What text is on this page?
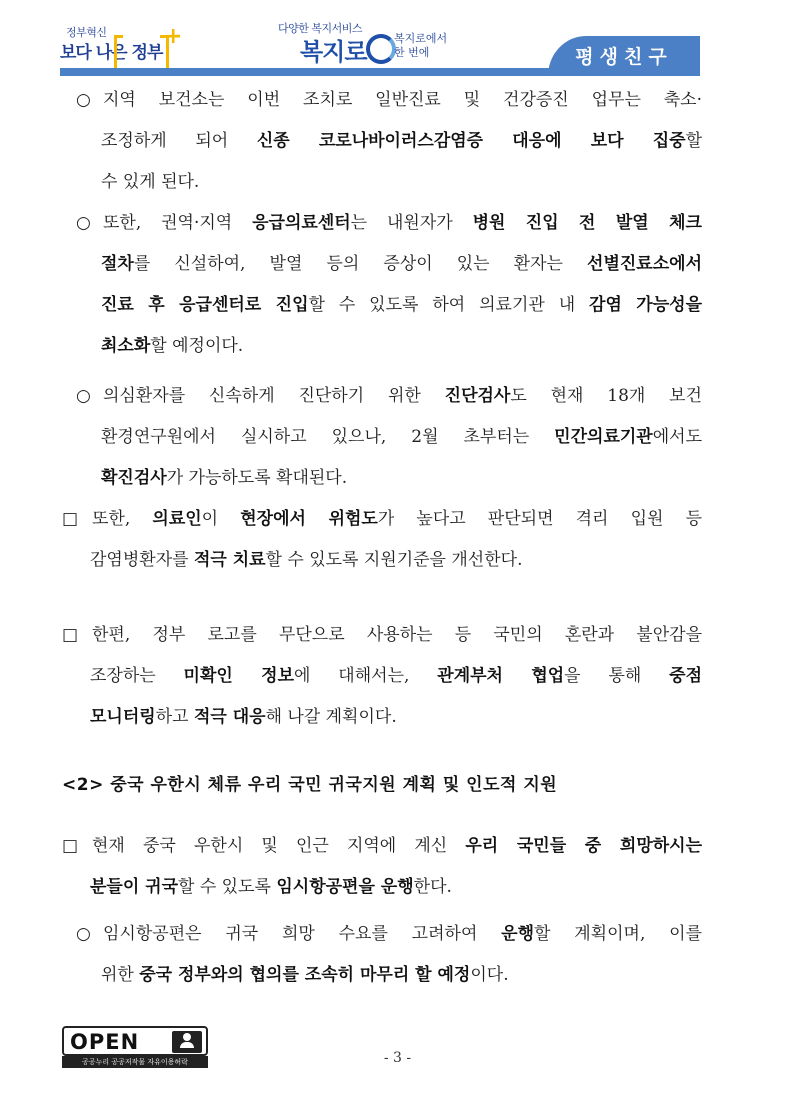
정부혁신
보다 나은 정부
+	다양한 복지서비스
복지로 복지로에서
한 번에	평생친구
○ 지역 보건소는 이번 조치로 일반진료 및 건강증진 업무는 축소·
조정하게 되어 신종 코로나바이러스감염증 대응에 보다 집중할
수 있게 된다.
○ 또한, 권역·지역 응급의료센터는 내원자가 병원 진입 전 발열 체크
절차를 신설하여, 발열 등의 증상이 있는 환자는 선별진료소에서
진료 후 응급센터로 진입할 수 있도록 하여 의료기관 내 감염 가능성을
최소화할 예정이다.
○ 의심환자를 신속하게 진단하기 위한 진단검사도 현재 18개 보건
환경연구원에서 실시하고 있으나, 2월 초부터는 민간의료기관에서도
확진검사가 가능하도록 확대된다.
□ 또한, 의료인이 현장에서 위험도가 높다고 판단되면 격리 입원 등
감염병환자를 적극 치료할 수 있도록 지원기준을 개선한다.
□ 한편, 정부 로고를 무단으로 사용하는 등 국민의 혼란과 불안감을
조장하는 미확인 정보에 대해서는, 관계부처 협업을 통해 중점
모니터링하고 적극 대응해 나갈 계획이다.
□ 현재 중국 우한시 및 인근 지역에 계신 우리 국민들 중 희망하시는
분들이 귀국할 수 있도록 임시항공편을 운행한다.
○ 임시항공편은 귀국 희망 수요를 고려하여 운행할 계획이며, 이를
위한 중국 정부와의 협의를 조속히 마무리 할 예정이다.
<2> 중국 우한시 체류 우리 국민 귀국지원 계획 및 인도적 지원
OPEN
공공누리 공공저작물 자유이용허락	- 3 -
